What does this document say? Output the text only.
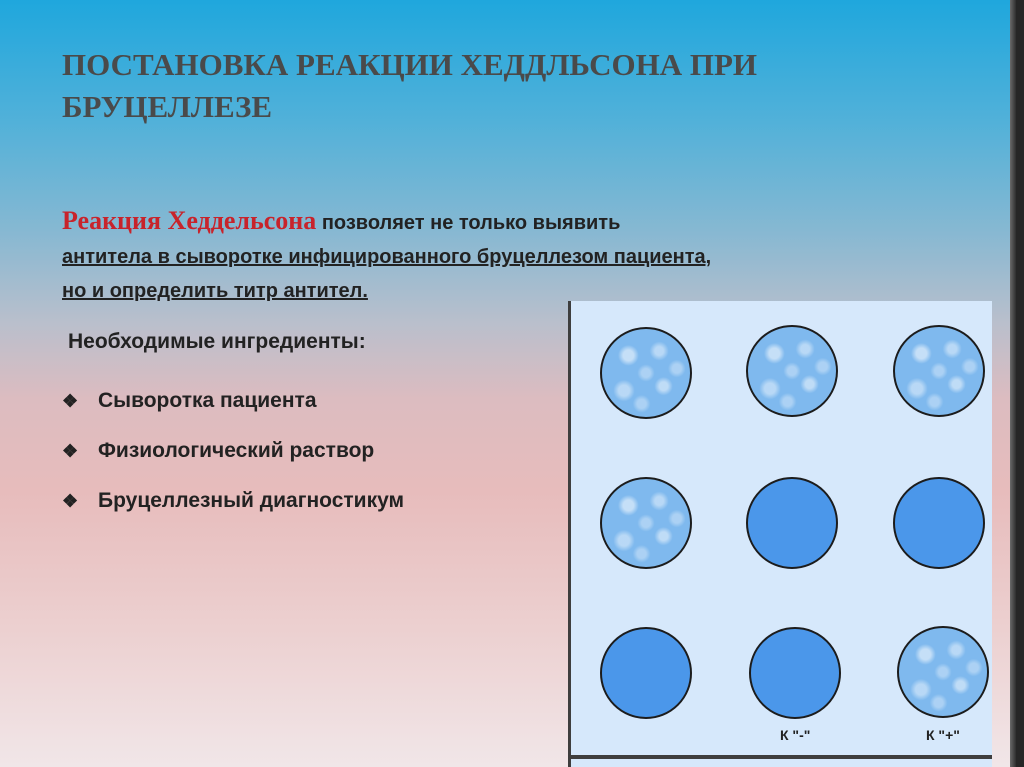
ПОСТАНОВКА РЕАКЦИИ ХЕДДЛЬСОНА ПРИ
БРУЦЕЛЛЕЗЕ

Реакция Хеддельсона позволяет не только выявить
антитела в сыворотке инфицированного бруцеллезом пациента,
но и определить титр антител.

Необходимые ингредиенты:

❖ Сыворотка пациента
❖ Физиологический раствор
❖ Бруцеллезный диагностикум
К "-"	К "+"
